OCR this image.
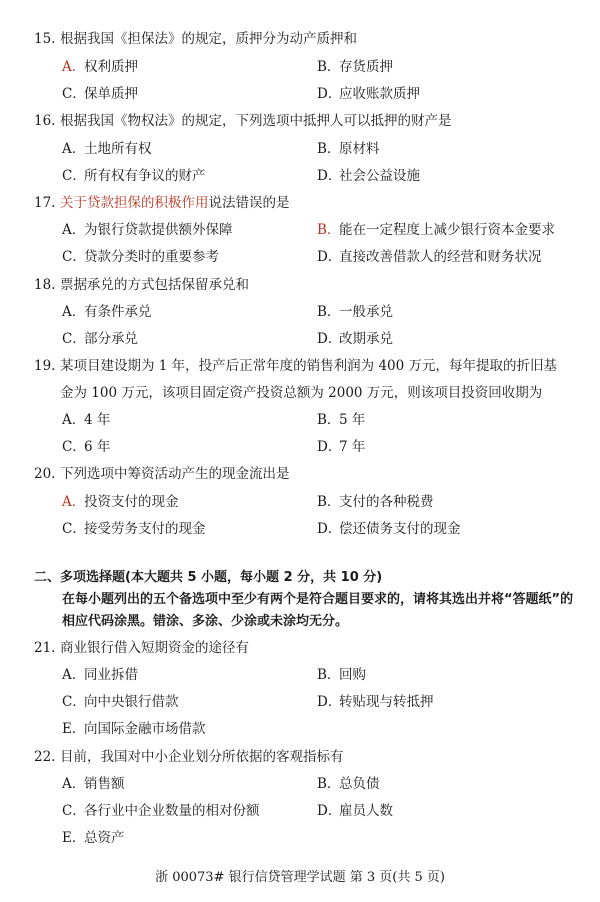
15. 根据我国《担保法》的规定，质押分为动产质押和
A．权利质押	B．存货质押
C．保单质押	D．应收账款质押
16. 根据我国《物权法》的规定，下列选项中抵押人可以抵押的财产是
A．土地所有权	B．原材料
C．所有权有争议的财产	D．社会公益设施
17. 关于贷款担保的积极作用说法错误的是
A．为银行贷款提供额外保障	B．能在一定程度上减少银行资本金要求
C．贷款分类时的重要参考	D．直接改善借款人的经营和财务状况
18. 票据承兑的方式包括保留承兑和
A．有条件承兑	B．一般承兑
C．部分承兑	D．改期承兑
19. 某项目建设期为 1 年，投产后正常年度的销售利润为 400 万元，每年提取的折旧基
金为 100 万元，该项目固定资产投资总额为 2000 万元，则该项目投资回收期为
A．4 年	B．5 年
C．6 年	D．7 年
20. 下列选项中筹资活动产生的现金流出是
A．投资支付的现金	B．支付的各种税费
C．接受劳务支付的现金	D．偿还债务支付的现金
二、多项选择题(本大题共 5 小题，每小题 2 分，共 10 分)
在每小题列出的五个备选项中至少有两个是符合题目要求的，请将其选出并将“答题纸”的相应代码涂黑。错涂、多涂、少涂或未涂均无分。
21. 商业银行借入短期资金的途径有
A．同业拆借	B．回购
C．向中央银行借款	D．转贴现与转抵押
E．向国际金融市场借款
22. 目前，我国对中小企业划分所依据的客观指标有
A．销售额	B．总负债
C．各行业中企业数量的相对份额	D．雇员人数
E．总资产
浙 00073# 银行信贷管理学试题 第 3 页(共 5 页)
